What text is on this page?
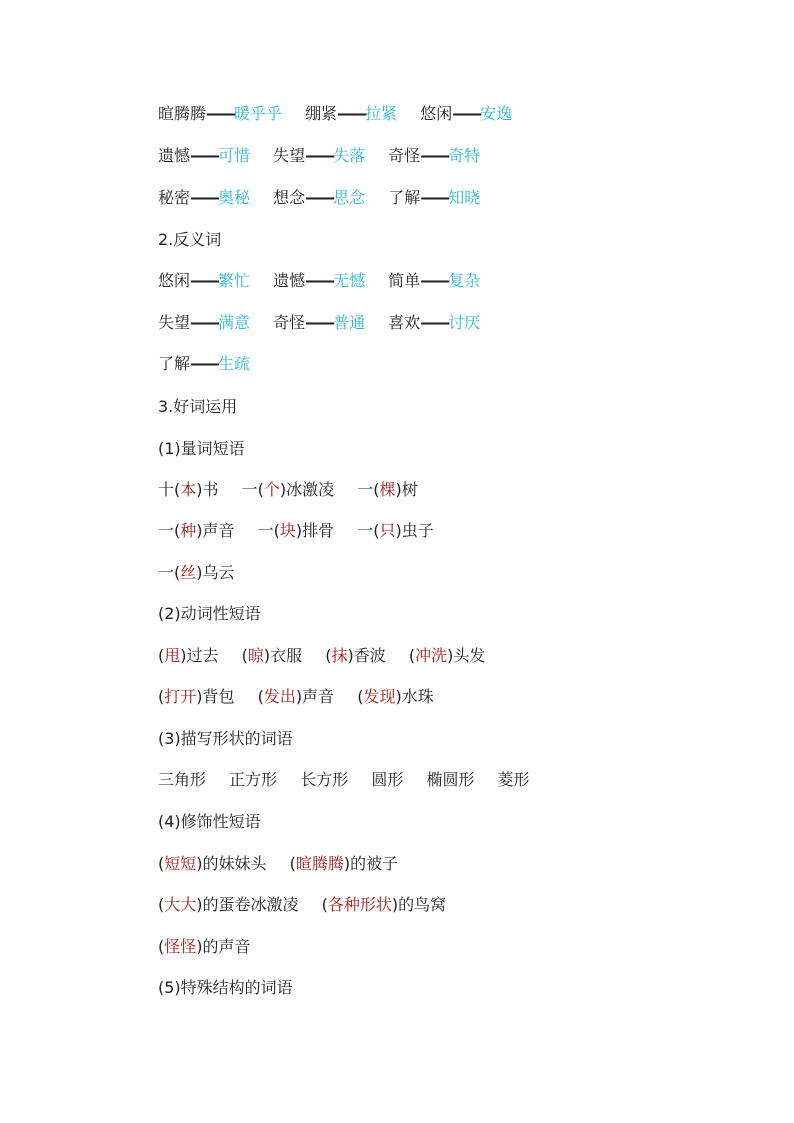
暄腾腾——暖乎乎 绷紧——拉紧 悠闲——安逸
遗憾——可惜 失望——失落 奇怪——奇特
秘密——奥秘 想念——思念 了解——知晓
2.反义词
悠闲——繁忙 遗憾——无憾 简单——复杂
失望——满意 奇怪——普通 喜欢——讨厌
了解——生疏
3.好词运用
(1)量词短语
十(本)书 一(个)冰激凌 一(棵)树
一(种)声音 一(块)排骨 一(只)虫子
一(丝)乌云
(2)动词性短语
(甩)过去 (晾)衣服 (抹)香波 (冲洗)头发
(打开)背包 (发出)声音 (发现)水珠
(3)描写形状的词语
三角形 正方形 长方形 圆形 椭圆形 菱形
(4)修饰性短语
(短短)的妹妹头 (暄腾腾)的被子
(大大)的蛋卷冰激凌 (各种形状)的鸟窝
(怪怪)的声音
(5)特殊结构的词语
